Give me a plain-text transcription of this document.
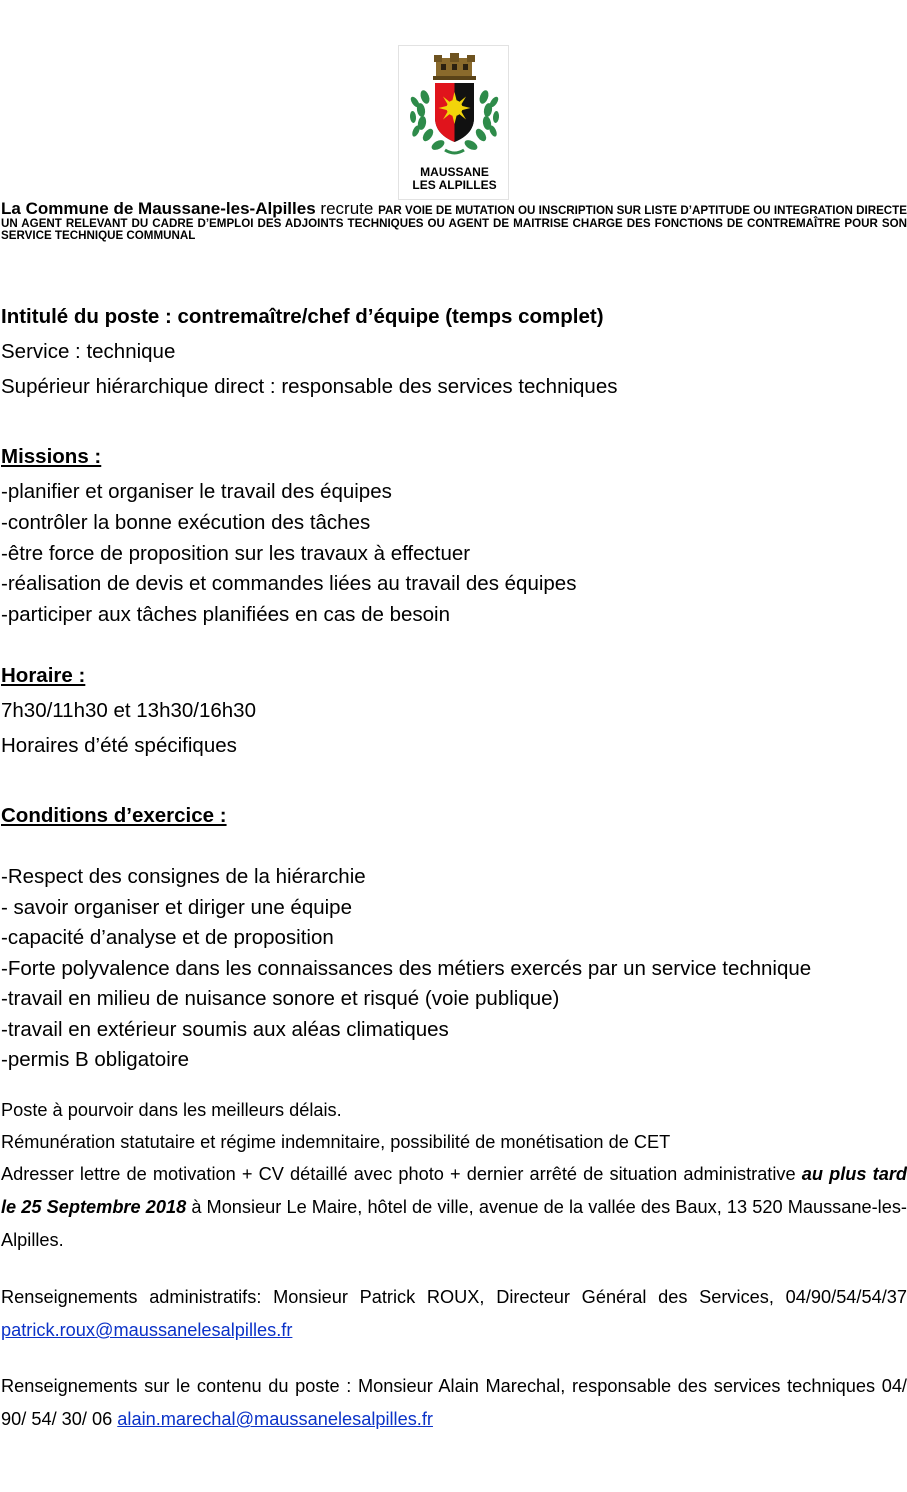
MAUSSANE
LES ALPILLES
La Commune de Maussane-les-Alpilles recrute PAR VOIE DE MUTATION OU INSCRIPTION SUR LISTE D’APTITUDE OU INTEGRATION DIRECTE UN AGENT RELEVANT DU CADRE D’EMPLOI DES ADJOINTS TECHNIQUES OU AGENT DE MAITRISE CHARGE DES FONCTIONS DE CONTREMAÎTRE POUR SON SERVICE TECHNIQUE COMMUNAL
Intitulé du poste : contremaître/chef d’équipe (temps complet)
Service : technique
Supérieur hiérarchique direct : responsable des services techniques
Missions :
-planifier et organiser le travail des équipes
-contrôler la bonne exécution des tâches
-être force de proposition sur les travaux à effectuer
-réalisation de devis et commandes liées au travail des équipes
-participer aux tâches planifiées en cas de besoin
Horaire :
7h30/11h30 et 13h30/16h30
Horaires d’été spécifiques
Conditions d’exercice :
-Respect des consignes de la hiérarchie
- savoir organiser et diriger une équipe
-capacité d’analyse et de proposition
-Forte polyvalence dans les connaissances des métiers exercés par un service technique
-travail en milieu de nuisance sonore et risqué (voie publique)
-travail en extérieur soumis aux aléas climatiques
-permis B obligatoire
Poste à pourvoir dans les meilleurs délais.
Rémunération statutaire et régime indemnitaire, possibilité de monétisation de CET
Adresser lettre de motivation + CV détaillé avec photo + dernier arrêté de situation administrative au plus tard le 25 Septembre 2018 à Monsieur Le Maire, hôtel de ville, avenue de la vallée des Baux, 13 520 Maussane-les-Alpilles.
Renseignements administratifs: Monsieur Patrick ROUX, Directeur Général des Services, 04/90/54/54/37 patrick.roux@maussanelesalpilles.fr
Renseignements sur le contenu du poste : Monsieur Alain Marechal, responsable des services techniques 04/ 90/ 54/ 30/ 06 alain.marechal@maussanelesalpilles.fr
